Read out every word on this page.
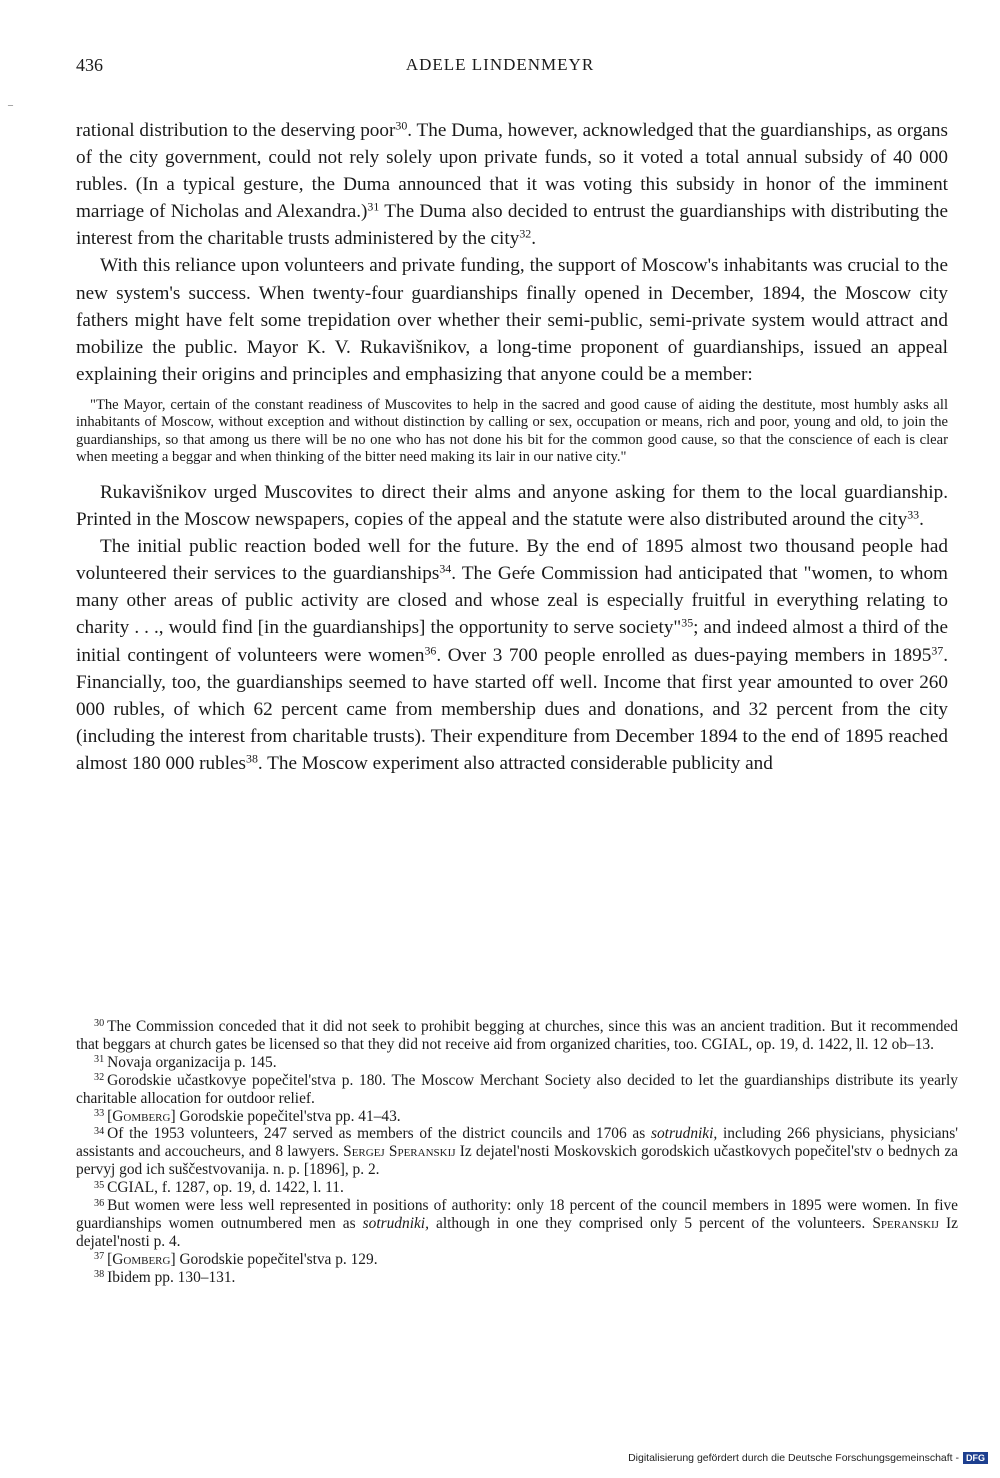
436	ADELE LINDENMEYR
–

rational distribution to the deserving poor$^{30}$. The Duma, however, acknowledged that the guardianships, as organs of the city government, could not rely solely upon private funds, so it voted a total annual subsidy of 40 000 rubles. (In a typical gesture, the Duma announced that it was voting this subsidy in honor of the imminent marriage of Nicholas and Alexandra.)$^{31}$ The Duma also decided to entrust the guardianships with distributing the interest from the charitable trusts administered by the city$^{32}$.

With this reliance upon volunteers and private funding, the support of Moscow's inhabitants was crucial to the new system's success. When twenty-four guardianships finally opened in December, 1894, the Moscow city fathers might have felt some trepidation over whether their semi-public, semi-private system would attract and mobilize the public. Mayor K. V. Rukavišnikov, a long-time proponent of guardianships, issued an appeal explaining their origins and principles and emphasizing that anyone could be a member:

"The Mayor, certain of the constant readiness of Muscovites to help in the sacred and good cause of aiding the destitute, most humbly asks all inhabitants of Moscow, without exception and without distinction by calling or sex, occupation or means, rich and poor, young and old, to join the guardianships, so that among us there will be no one who has not done his bit for the common good cause, so that the conscience of each is clear when meeting a beggar and when thinking of the bitter need making its lair in our native city."

Rukavišnikov urged Muscovites to direct their alms and anyone asking for them to the local guardianship. Printed in the Moscow newspapers, copies of the appeal and the statute were also distributed around the city$^{33}$.

The initial public reaction boded well for the future. By the end of 1895 almost two thousand people had volunteered their services to the guardianships$^{34}$. The Geŕe Commission had anticipated that "women, to whom many other areas of public activity are closed and whose zeal is especially fruitful in everything relating to charity . . ., would find [in the guardianships] the opportunity to serve society"$^{35}$; and indeed almost a third of the initial contingent of volunteers were women$^{36}$. Over 3 700 people enrolled as dues-paying members in 1895$^{37}$. Financially, too, the guardianships seemed to have started off well. Income that first year amounted to over 260 000 rubles, of which 62 percent came from membership dues and donations, and 32 percent from the city (including the interest from charitable trusts). Their expenditure from December 1894 to the end of 1895 reached almost 180 000 rubles$^{38}$. The Moscow experiment also attracted considerable publicity and

$^{30}$ The Commission conceded that it did not seek to prohibit begging at churches, since this was an ancient tradition. But it recommended that beggars at church gates be licensed so that they did not receive aid from organized charities, too. CGIAL, op. 19, d. 1422, ll. 12 ob–13.

$^{31}$ Novaja organizacija p. 145.

$^{32}$ Gorodskie učastkovye popečitel'stva p. 180. The Moscow Merchant Society also decided to let the guardianships distribute its yearly charitable allocation for outdoor relief.

$^{33}$ [Gomberg] Gorodskie popečitel'stva pp. 41–43.

$^{34}$ Of the 1953 volunteers, 247 served as members of the district councils and 1706 as sotrudniki, including 266 physicians, physicians' assistants and accoucheurs, and 8 lawyers. Sergej Speranskij Iz dejatel'nosti Moskovskich gorodskich učastkovych popečitel'stv o bednych za pervyj god ich suščestvovanija. n. p. [1896], p. 2.

$^{35}$ CGIAL, f. 1287, op. 19, d. 1422, l. 11.

$^{36}$ But women were less well represented in positions of authority: only 18 percent of the council members in 1895 were women. In five guardianships women outnumbered men as sotrudniki, although in one they comprised only 5 percent of the volunteers. Speranskij Iz dejatel'nosti p. 4.

$^{37}$ [Gomberg] Gorodskie popečitel'stva p. 129.

$^{38}$ Ibidem pp. 130–131.

Digitalisierung gefördert durch die Deutsche Forschungsgemeinschaft - DFG
